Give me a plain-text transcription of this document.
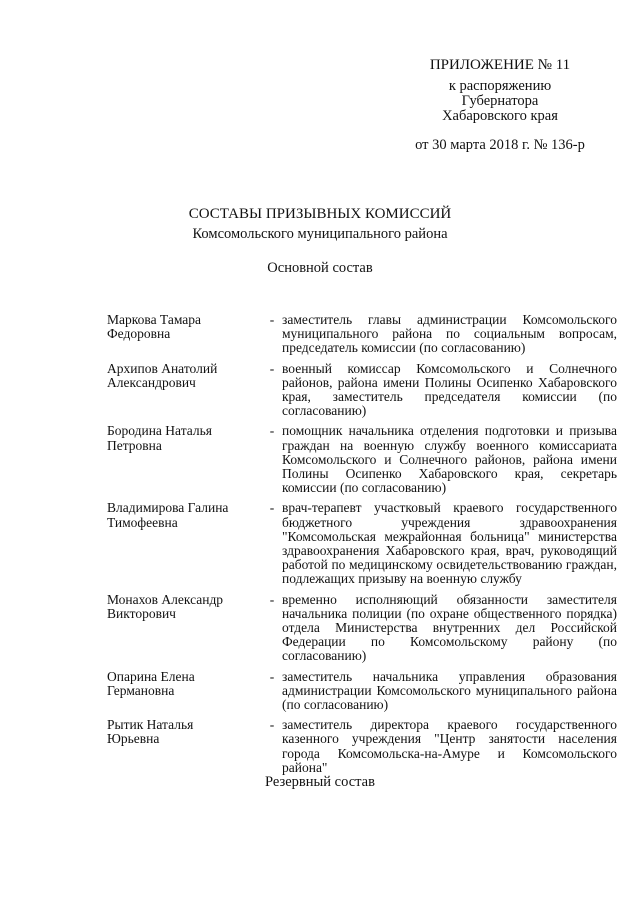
ПРИЛОЖЕНИЕ № 11
к распоряжению
Губернатора
Хабаровского края
от 30 марта 2018 г. № 136-р
СОСТАВЫ ПРИЗЫВНЫХ КОМИССИЙ
Комсомольского муниципального района
Основной состав
Маркова Тамара
Федоровна
- заместитель главы администрации Комсомольского муниципального района по социальным вопросам, председатель комиссии (по согласованию)
Архипов Анатолий
Александрович
- военный комиссар Комсомольского и Солнечного районов, района имени Полины Осипенко Хабаровского края, заместитель председателя комиссии (по согласованию)
Бородина Наталья
Петровна
- помощник начальника отделения подготовки и призыва граждан на военную службу военного комиссариата Комсомольского и Солнечного районов, района имени Полины Осипенко Хабаровского края, секретарь комиссии (по согласованию)
Владимирова Галина
Тимофеевна
- врач-терапевт участковый краевого государственного бюджетного учреждения здравоохранения "Комсомольская межрайонная больница" министерства здравоохранения Хабаровского края, врач, руководящий работой по медицинскому освидетельствованию граждан, подлежащих призыву на военную службу
Монахов Александр
Викторович
- временно исполняющий обязанности заместителя начальника полиции (по охране общественного порядка) отдела Министерства внутренних дел Российской Федерации по Комсомольскому району (по согласованию)
Опарина Елена
Германовна
- заместитель начальника управления образования администрации Комсомольского муниципального района (по согласованию)
Рытик Наталья
Юрьевна
- заместитель директора краевого государственного казенного учреждения "Центр занятости населения города Комсомольска-на-Амуре и Комсомольского района"
Резервный состав
